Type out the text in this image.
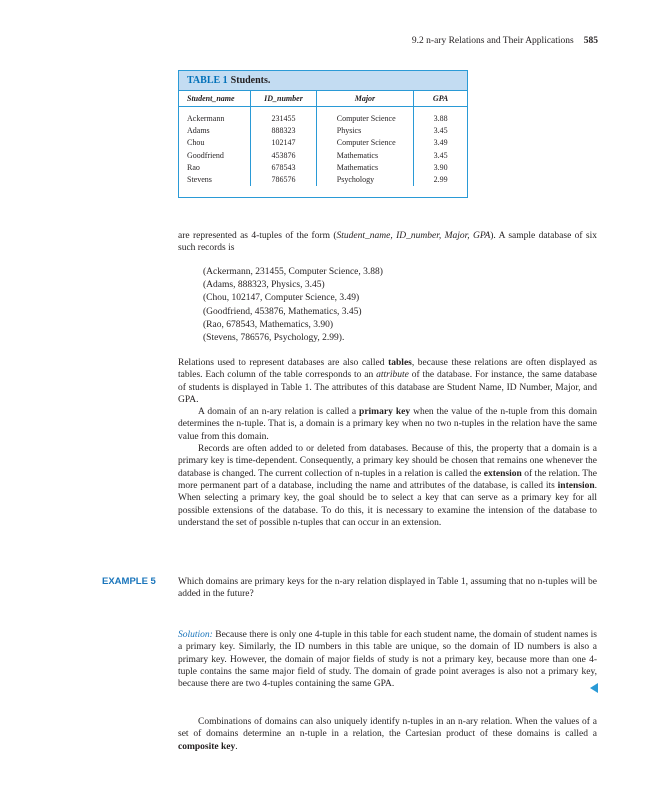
9.2 n-ary Relations and Their Applications 585
TABLE 1 Students.
Student_name	ID_number	Major	GPA
Ackermann	231455	Computer Science	3.88
Adams	888323	Physics	3.45
Chou	102147	Computer Science	3.49
Goodfriend	453876	Mathematics	3.45
Rao	678543	Mathematics	3.90
Stevens	786576	Psychology	2.99

are represented as 4-tuples of the form (Student_name, ID_number, Major, GPA). A sample database of six such records is

(Ackermann, 231455, Computer Science, 3.88)
(Adams, 888323, Physics, 3.45)
(Chou, 102147, Computer Science, 3.49)
(Goodfriend, 453876, Mathematics, 3.45)
(Rao, 678543, Mathematics, 3.90)
(Stevens, 786576, Psychology, 2.99).

Relations used to represent databases are also called tables, because these relations are often displayed as tables. Each column of the table corresponds to an attribute of the database. For instance, the same database of students is displayed in Table 1. The attributes of this database are Student Name, ID Number, Major, and GPA.

A domain of an n-ary relation is called a primary key when the value of the n-tuple from this domain determines the n-tuple. That is, a domain is a primary key when no two n-tuples in the relation have the same value from this domain.

Records are often added to or deleted from databases. Because of this, the property that a domain is a primary key is time-dependent. Consequently, a primary key should be chosen that remains one whenever the database is changed. The current collection of n-tuples in a relation is called the extension of the relation. The more permanent part of a database, including the name and attributes of the database, is called its intension. When selecting a primary key, the goal should be to select a key that can serve as a primary key for all possible extensions of the database. To do this, it is necessary to examine the intension of the database to understand the set of possible n-tuples that can occur in an extension.

EXAMPLE 5 Which domains are primary keys for the n-ary relation displayed in Table 1, assuming that no n-tuples will be added in the future?

Solution: Because there is only one 4-tuple in this table for each student name, the domain of student names is a primary key. Similarly, the ID numbers in this table are unique, so the domain of ID numbers is also a primary key. However, the domain of major fields of study is not a primary key, because more than one 4-tuple contains the same major field of study. The domain of grade point averages is also not a primary key, because there are two 4-tuples containing the same GPA.

Combinations of domains can also uniquely identify n-tuples in an n-ary relation. When the values of a set of domains determine an n-tuple in a relation, the Cartesian product of these domains is called a composite key.
